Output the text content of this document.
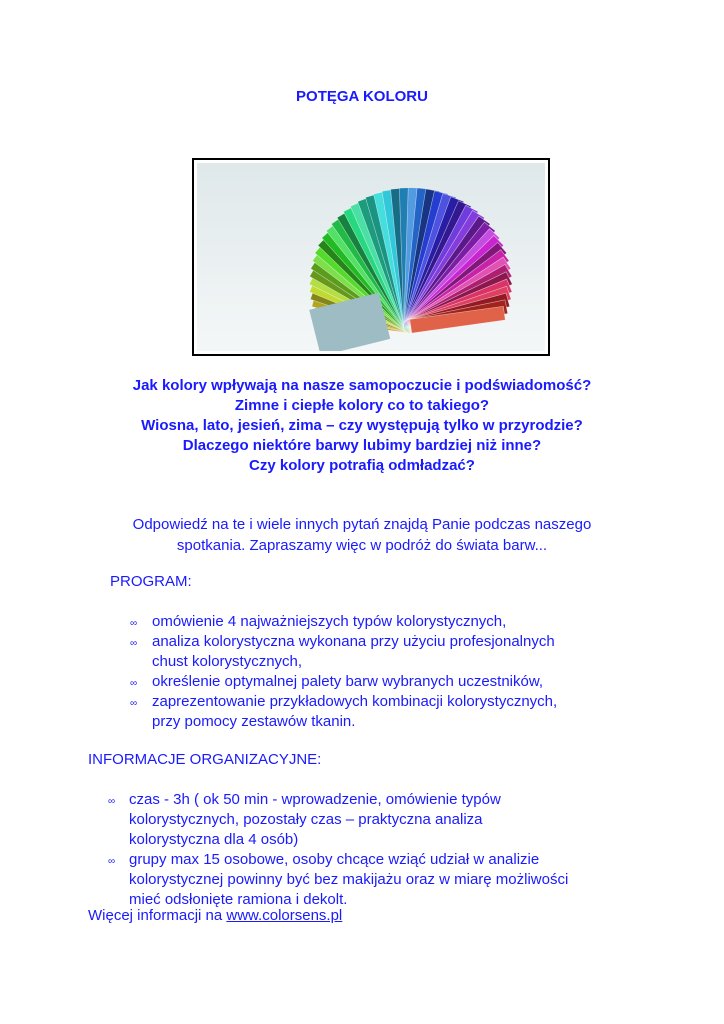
POTĘGA KOLORU
Jak kolory wpływają na nasze samopoczucie i podświadomość?
Zimne i ciepłe kolory co to takiego?
Wiosna, lato, jesień, zima – czy występują tylko w przyrodzie?
Dlaczego niektóre barwy lubimy bardziej niż inne?
Czy kolory potrafią odmładzać?
Odpowiedź na te i wiele innych pytań znajdą Panie podczas naszego
spotkania. Zapraszamy więc w podróż do świata barw...
PROGRAM:
∞ omówienie 4 najważniejszych typów kolorystycznych,
∞ analiza kolorystyczna wykonana przy użyciu profesjonalnych
chust kolorystycznych,
∞ określenie optymalnej palety barw wybranych uczestników,
∞ zaprezentowanie przykładowych kombinacji kolorystycznych,
przy pomocy zestawów tkanin.
INFORMACJE ORGANIZACYJNE:
∞ czas - 3h ( ok 50 min - wprowadzenie, omówienie typów
kolorystycznych, pozostały czas – praktyczna analiza
kolorystyczna dla 4 osób)
∞ grupy max 15 osobowe, osoby chcące wziąć udział w analizie
kolorystycznej powinny być bez makijażu oraz w miarę możliwości
mieć odsłonięte ramiona i dekolt.
Więcej informacji na www.colorsens.pl
